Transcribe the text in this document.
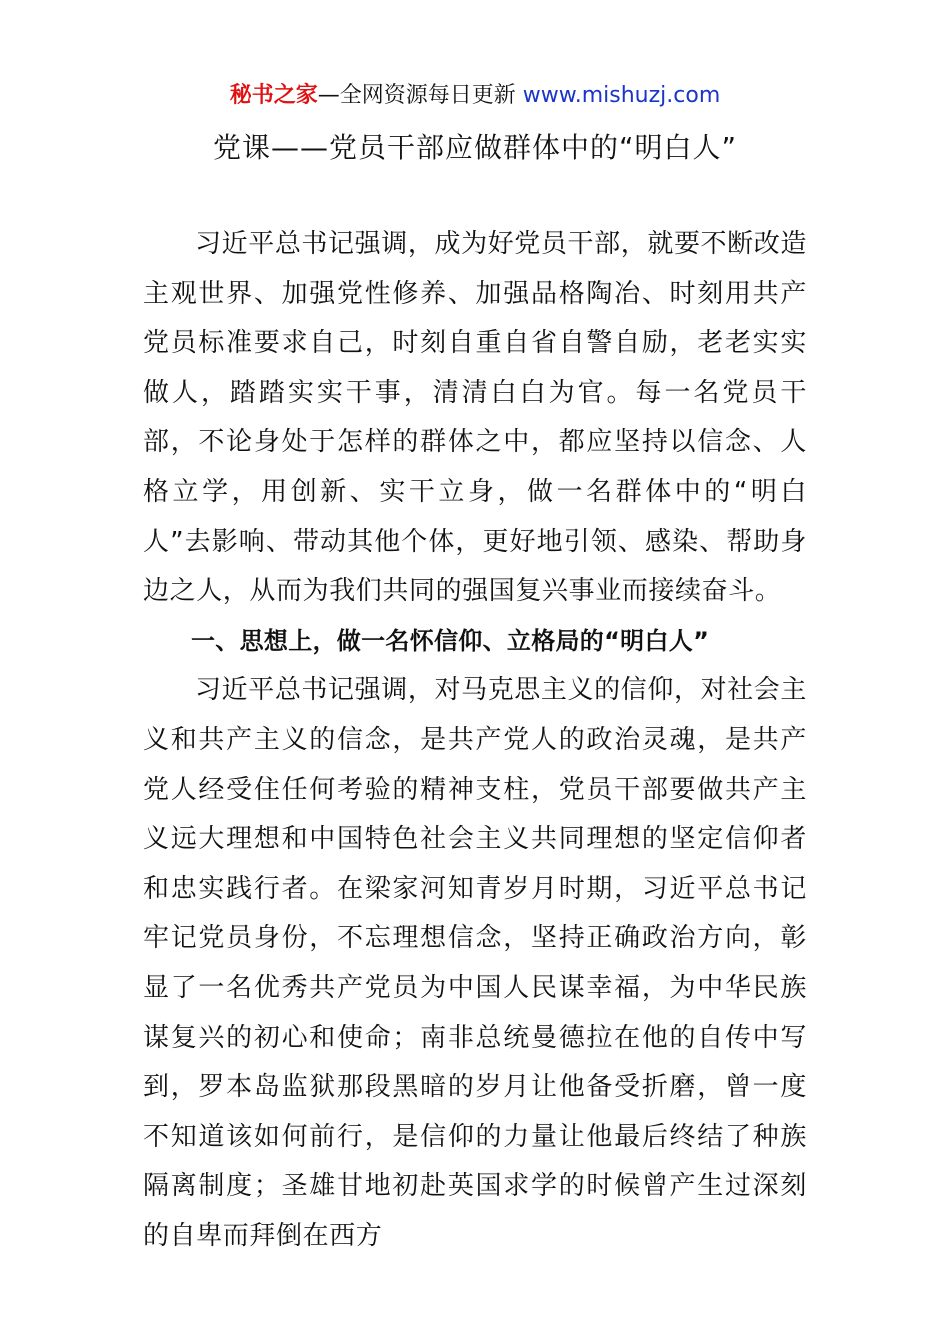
秘书之家—全网资源每日更新 www.mishuzj.com
党课——党员干部应做群体中的“明白人”

习近平总书记强调，成为好党员干部，就要不断改造主观世界、加强党性修养、加强品格陶冶、时刻用共产党员标准要求自己，时刻自重自省自警自励，老老实实做人，踏踏实实干事，清清白白为官。每一名党员干部，不论身处于怎样的群体之中，都应坚持以信念、人格立学，用创新、实干立身，做一名群体中的“明白人”去影响、带动其他个体，更好地引领、感染、帮助身边之人，从而为我们共同的强国复兴事业而接续奋斗。

一、思想上，做一名怀信仰、立格局的“明白人”

习近平总书记强调，对马克思主义的信仰，对社会主义和共产主义的信念，是共产党人的政治灵魂，是共产党人经受住任何考验的精神支柱，党员干部要做共产主义远大理想和中国特色社会主义共同理想的坚定信仰者和忠实践行者。在梁家河知青岁月时期，习近平总书记牢记党员身份，不忘理想信念，坚持正确政治方向，彰显了一名优秀共产党员为中国人民谋幸福，为中华民族谋复兴的初心和使命；南非总统曼德拉在他的自传中写到，罗本岛监狱那段黑暗的岁月让他备受折磨，曾一度不知道该如何前行，是信仰的力量让他最后终结了种族隔离制度；圣雄甘地初赴英国求学的时候曾产生过深刻的自卑而拜倒在西方
